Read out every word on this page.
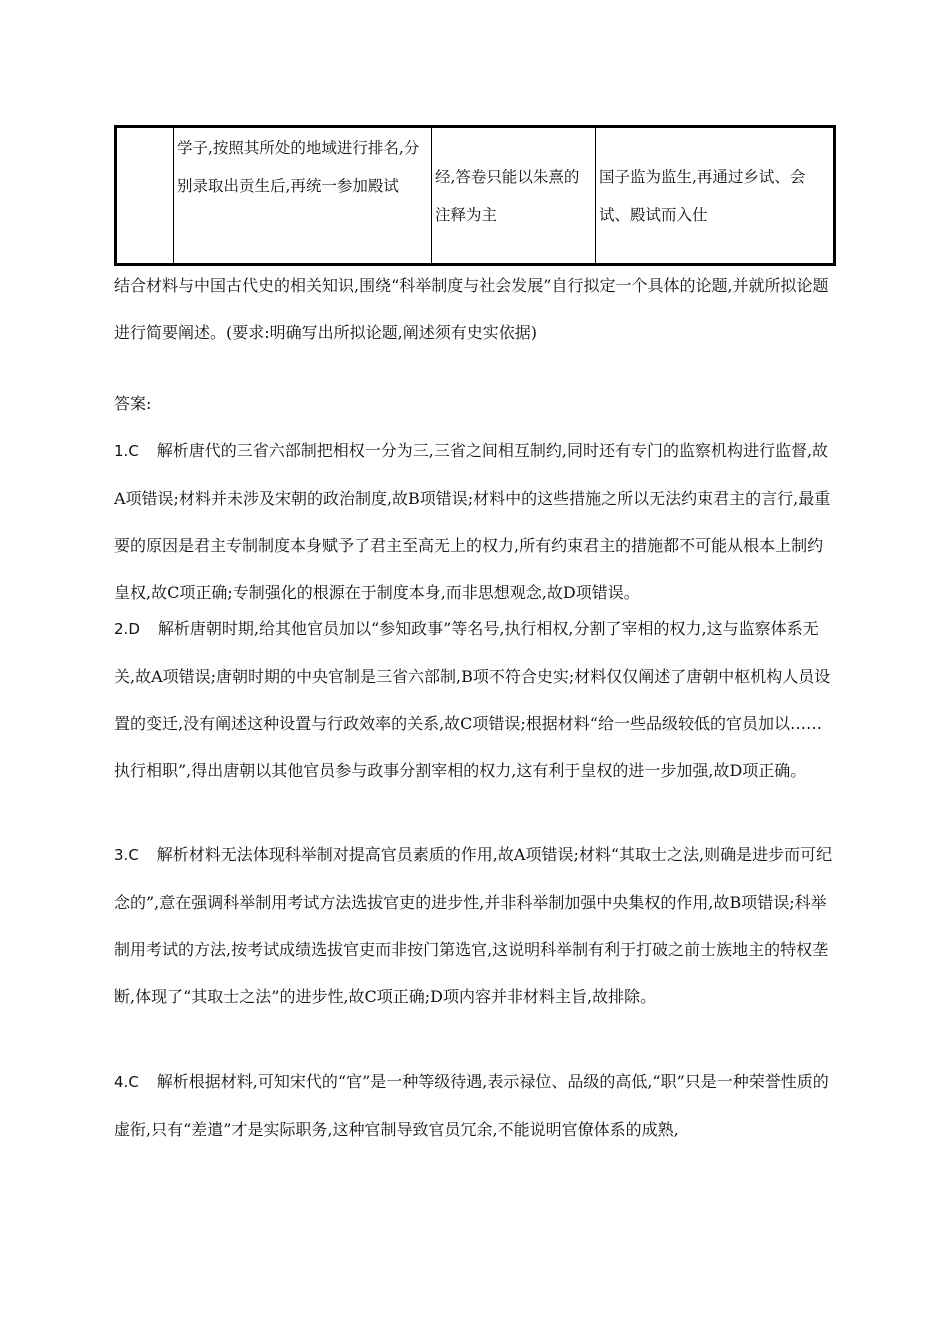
	学子,按照其所处的地域进行排名,分别录取出贡生后,再统一参加殿试	经,答卷只能以朱熹的注释为主	国子监为监生,再通过乡试、会试、殿试而入仕
结合材料与中国古代史的相关知识,围绕“科举制度与社会发展”自行拟定一个具体的论题,并就所拟论题进行简要阐述。(要求:明确写出所拟论题,阐述须有史实依据)
答案:
1.C 解析唐代的三省六部制把相权一分为三,三省之间相互制约,同时还有专门的监察机构进行监督,故A项错误;材料并未涉及宋朝的政治制度,故B项错误;材料中的这些措施之所以无法约束君主的言行,最重要的原因是君主专制制度本身赋予了君主至高无上的权力,所有约束君主的措施都不可能从根本上制约皇权,故C项正确;专制强化的根源在于制度本身,而非思想观念,故D项错误。
2.D 解析唐朝时期,给其他官员加以“参知政事”等名号,执行相权,分割了宰相的权力,这与监察体系无关,故A项错误;唐朝时期的中央官制是三省六部制,B项不符合史实;材料仅仅阐述了唐朝中枢机构人员设置的变迁,没有阐述这种设置与行政效率的关系,故C项错误;根据材料“给一些品级较低的官员加以……执行相职”,得出唐朝以其他官员参与政事分割宰相的权力,这有利于皇权的进一步加强,故D项正确。
3.C 解析材料无法体现科举制对提高官员素质的作用,故A项错误;材料“其取士之法,则确是进步而可纪念的”,意在强调科举制用考试方法选拔官吏的进步性,并非科举制加强中央集权的作用,故B项错误;科举制用考试的方法,按考试成绩选拔官吏而非按门第选官,这说明科举制有利于打破之前士族地主的特权垄断,体现了“其取士之法”的进步性,故C项正确;D项内容并非材料主旨,故排除。
4.C 解析根据材料,可知宋代的“官”是一种等级待遇,表示禄位、品级的高低,“职”只是一种荣誉性质的虚衔,只有“差遣”才是实际职务,这种官制导致官员冗余,不能说明官僚体系的成熟,
